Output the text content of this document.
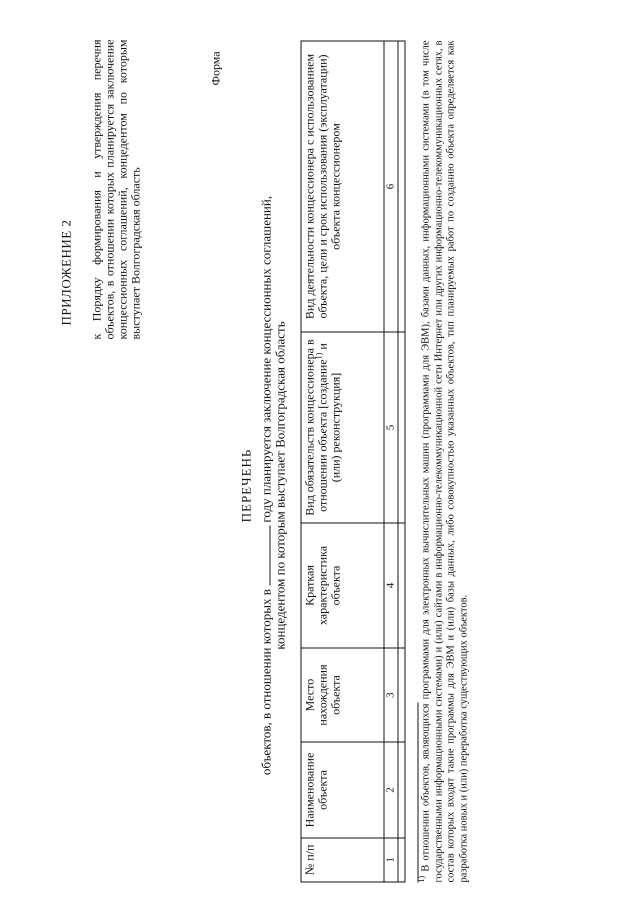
ПРИЛОЖЕНИЕ 2 к Порядку формирования и утверждения перечня объектов, в отношении которых планируется заключение концессионных соглашений, концедентом по которым выступает Волгоградская область
Форма
ПЕРЕЧЕНЬ
объектов, в отношении которых в  году планируется заключение концессионных соглашений,
концедентом по которым выступает Волгоградская область
№ п/п	Наименование объекта	Место нахождения объекта	Краткая характеристика объекта	Вид обязательств концессионера в отношении объекта [создание$^{1)}$ и (или) реконструкция]	Вид деятельности концессионера с использованием объекта, цели и срок использования (эксплуатации) объекта концессионером
1	2	3	4	5	6

$^{1)}$ В отношении объектов, являющихся программами для электронных вычислительных машин (программами для ЭВМ), базами данных, информационными системами (в том числе государственными информационными системами) и (или) сайтами в информационно-телекоммуникационной сети Интернет или других информационно-телекоммуникационных сетях, в состав которых входят такие программы для ЭВМ и (или) базы данных, либо совокупностью указанных объектов, тип планируемых работ по созданию объекта определяется как разработка новых и (или) переработка существующих объектов.
